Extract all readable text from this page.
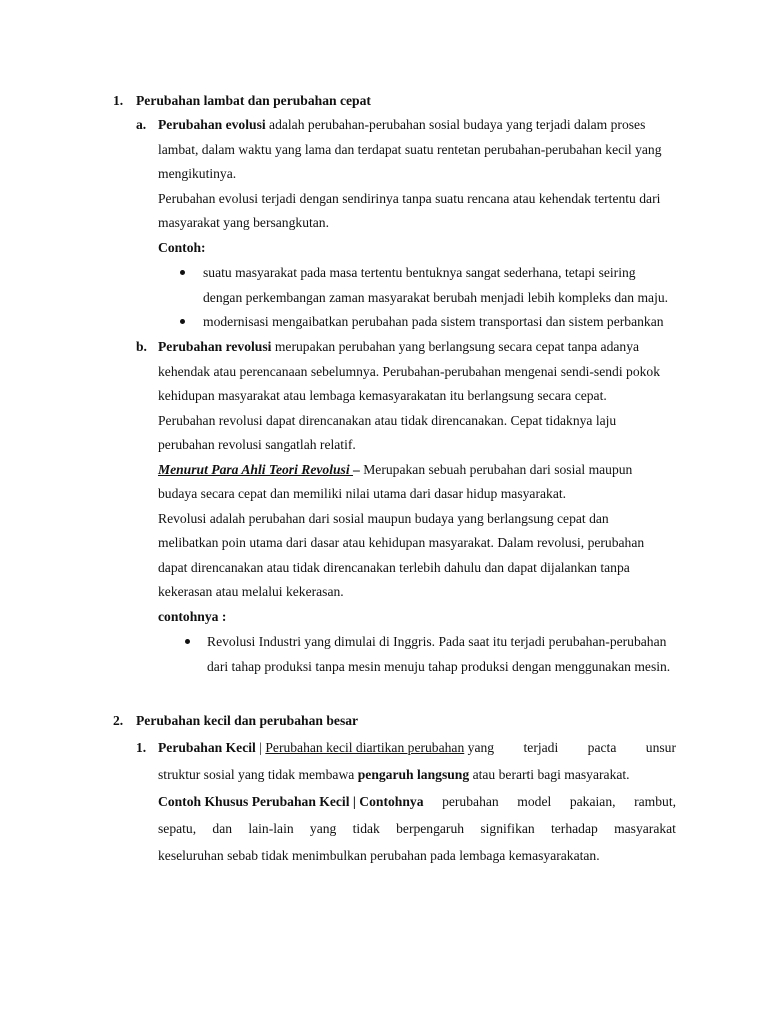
1. Perubahan lambat dan perubahan cepat
a. Perubahan evolusi adalah perubahan-perubahan sosial budaya yang terjadi dalam proses
lambat, dalam waktu yang lama dan terdapat suatu rentetan perubahan-perubahan kecil yang
mengikutinya.
Perubahan evolusi terjadi dengan sendirinya tanpa suatu rencana atau kehendak tertentu dari
masyarakat yang bersangkutan.
Contoh:
suatu masyarakat pada masa tertentu bentuknya sangat sederhana, tetapi seiring
dengan perkembangan zaman masyarakat berubah menjadi lebih kompleks dan maju.
modernisasi mengaibatkan perubahan pada sistem transportasi dan sistem perbankan
b. Perubahan revolusi merupakan perubahan yang berlangsung secara cepat tanpa adanya
kehendak atau perencanaan sebelumnya. Perubahan-perubahan mengenai sendi-sendi pokok
kehidupan masyarakat atau lembaga kemasyarakatan itu berlangsung secara cepat.
Perubahan revolusi dapat direncanakan atau tidak direncanakan. Cepat tidaknya laju
perubahan revolusi sangatlah relatif.
Menurut Para Ahli Teori Revolusi – Merupakan sebuah perubahan dari sosial maupun
budaya secara cepat dan memiliki nilai utama dari dasar hidup masyarakat.
Revolusi adalah perubahan dari sosial maupun budaya yang berlangsung cepat dan
melibatkan poin utama dari dasar atau kehidupan masyarakat. Dalam revolusi, perubahan
dapat direncanakan atau tidak direncanakan terlebih dahulu dan dapat dijalankan tanpa
kekerasan atau melalui kekerasan.
contohnya :
Revolusi Industri yang dimulai di Inggris. Pada saat itu terjadi perubahan-perubahan
dari tahap produksi tanpa mesin menuju tahap produksi dengan menggunakan mesin.
2. Perubahan kecil dan perubahan besar
1. Perubahan Kecil | Perubahan kecil diartikan perubahan yang terjadi pacta unsur
struktur sosial yang tidak membawa pengaruh langsung atau berarti bagi masyarakat.
Contoh Khusus Perubahan Kecil | Contohnya perubahan model pakaian, rambut,
sepatu, dan lain-lain yang tidak berpengaruh signifikan terhadap masyarakat
keseluruhan sebab tidak menimbulkan perubahan pada lembaga kemasyarakatan.
